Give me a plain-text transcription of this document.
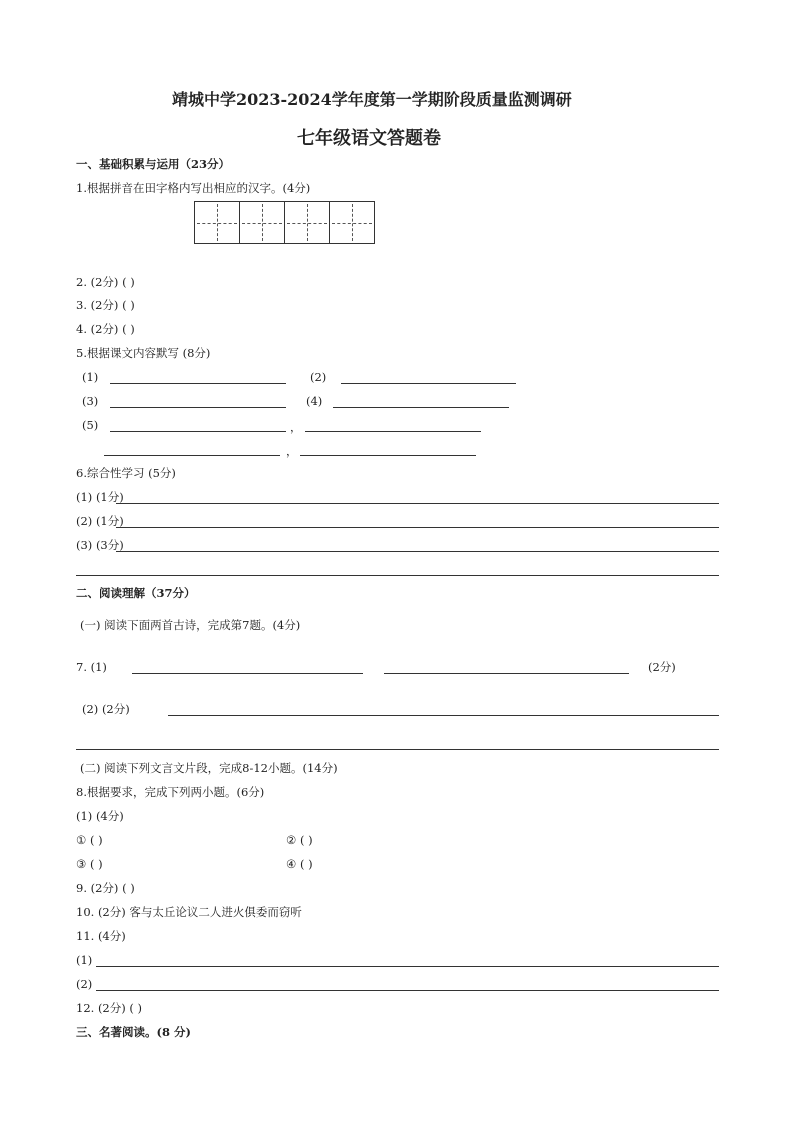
靖城中学2023-2024学年度第一学期阶段质量监测调研
七年级语文答题卷
一、基础积累与运用（23分）
1.根据拼音在田字格内写出相应的汉字。(4分)
2. (2分) ( )
3. (2分) ( )
4. (2分) ( )
5.根据课文内容默写 (8分)
(1)	(2)
(3)	(4)
(5)	，
，
6.综合性学习 (5分)
(1) (1分)
(2) (1分)
(3) (3分)
二、阅读理解（37分）
(一) 阅读下面两首古诗，完成第7题。(4分)
7. (1)	(2分)
(2) (2分)
(二) 阅读下列文言文片段，完成8-12小题。(14分)
8.根据要求，完成下列两小题。(6分)
(1) (4分)
① ( )	② ( )
③ ( )	④ ( )
9. (2分) ( )
10. (2分) 客与太丘论议二人进火俱委而窃听
11. (4分)
(1)
(2)
12. (2分) ( )
三、名著阅读。(8 分)
